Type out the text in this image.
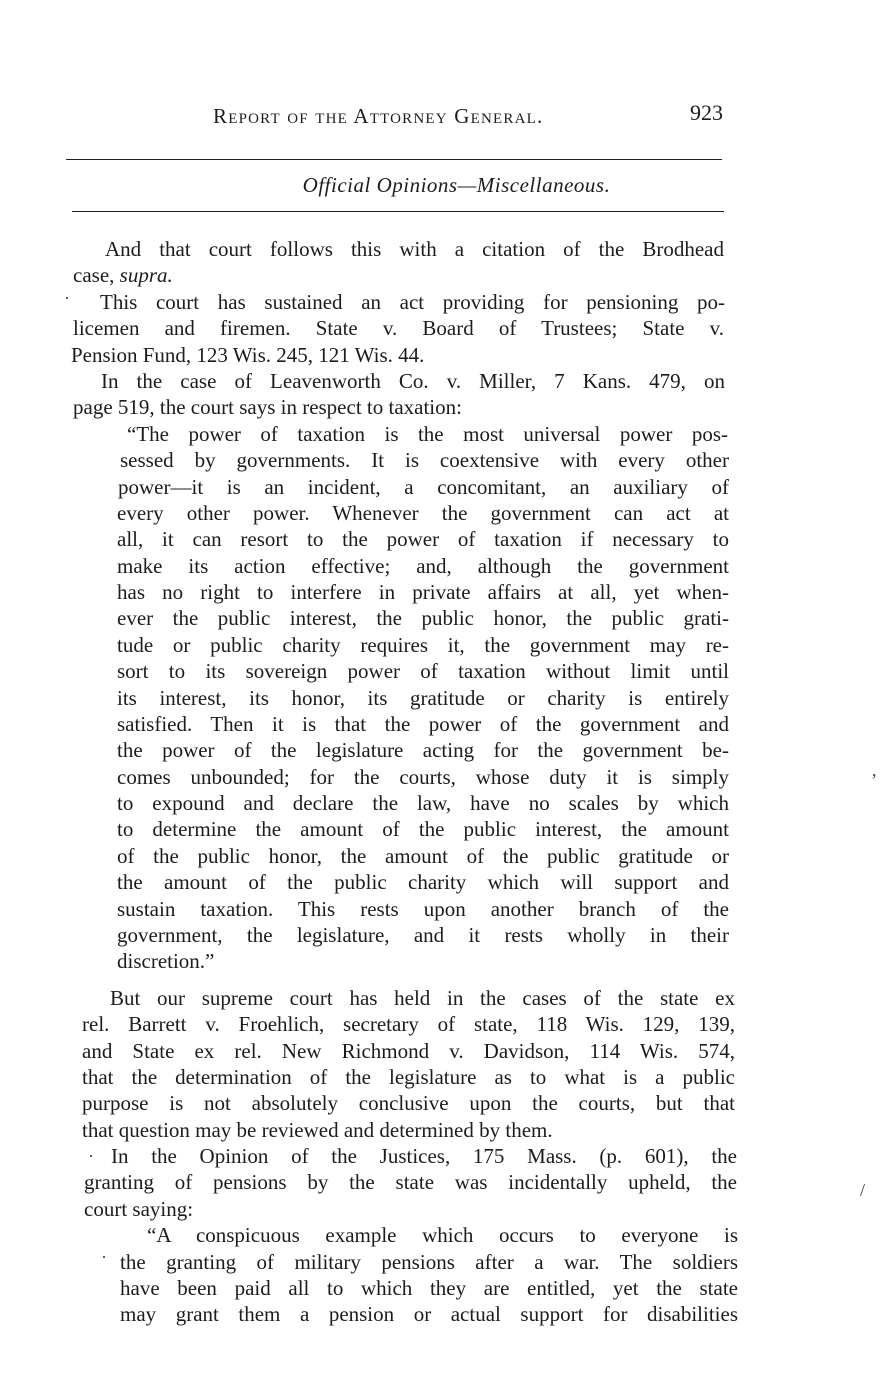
Report of the Attorney General.	923
Official Opinions—Miscellaneous.
And that court follows this with a citation of the Brodhead
case, supra.
This court has sustained an act providing for pensioning po-
licemen and firemen. State v. Board of Trustees; State v.
Pension Fund, 123 Wis. 245, 121 Wis. 44.
In the case of Leavenworth Co. v. Miller, 7 Kans. 479, on
page 519, the court says in respect to taxation:
“The power of taxation is the most universal power pos-
sessed by governments. It is coextensive with every other
power—it is an incident, a concomitant, an auxiliary of
every other power. Whenever the government can act at
all, it can resort to the power of taxation if necessary to
make its action effective; and, although the government
has no right to interfere in private affairs at all, yet when-
ever the public interest, the public honor, the public grati-
tude or public charity requires it, the government may re-
sort to its sovereign power of taxation without limit until
its interest, its honor, its gratitude or charity is entirely
satisfied. Then it is that the power of the government and
the power of the legislature acting for the government be-
comes unbounded; for the courts, whose duty it is simply
to expound and declare the law, have no scales by which
to determine the amount of the public interest, the amount
of the public honor, the amount of the public gratitude or
the amount of the public charity which will support and
sustain taxation. This rests upon another branch of the
government, the legislature, and it rests wholly in their
discretion.”
But our supreme court has held in the cases of the state ex
rel. Barrett v. Froehlich, secretary of state, 118 Wis. 129, 139,
and State ex rel. New Richmond v. Davidson, 114 Wis. 574,
that the determination of the legislature as to what is a public
purpose is not absolutely conclusive upon the courts, but that
that question may be reviewed and determined by them.
In the Opinion of the Justices, 175 Mass. (p. 601), the
granting of pensions by the state was incidentally upheld, the
court saying:
“A conspicuous example which occurs to everyone is
the granting of military pensions after a war. The soldiers
have been paid all to which they are entitled, yet the state
may grant them a pension or actual support for disabilities
·
·
·
/
,
